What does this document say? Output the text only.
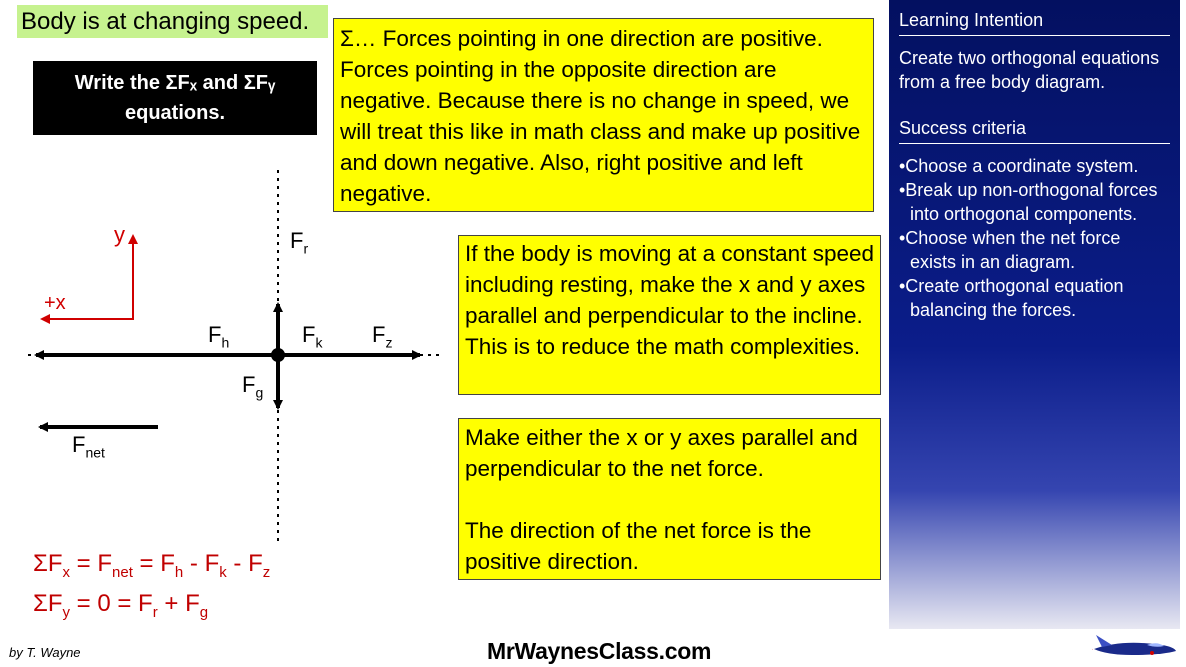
Body is at changing speed.
Write the ΣFₓ and ΣFᵧ equations.
Σ… Forces pointing in one direction are positive. Forces pointing in the opposite direction are negative. Because there is no change in speed, we will treat this like in math class and make up positive and down negative. Also, right positive and left negative.
If the body is moving at a constant speed including resting, make the x and y axes parallel and perpendicular to the incline. This is to reduce the math complexities.

Make either the x or y axes parallel and perpendicular to the net force.

The direction of the net force is the positive direction.

y
+x
$F_r$
$F_h$	$F_k$ $F_z$
$F_g$
$F_{net}$
$\Sigma F_x = F_{net} = F_h - F_k - F_z$
$\Sigma F_y = 0 = F_r + F_g$
Learning Intention
Create two orthogonal equations from a free body diagram.
Success criteria
•Choose a coordinate system.
•Break up non-orthogonal forces into orthogonal components.
•Choose when the net force exists in an diagram.
•Create orthogonal equation balancing the forces.
by T. Wayne	MrWaynesClass.com
